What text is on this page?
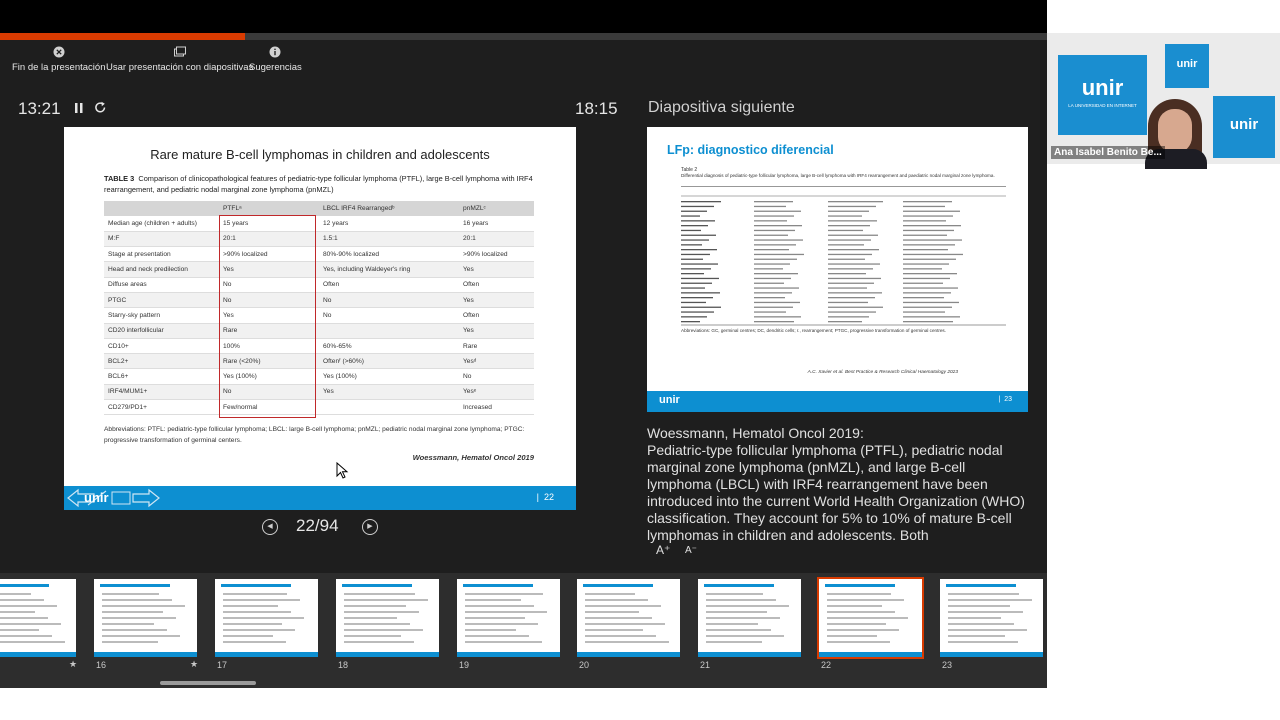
Fin de la presentación Usar presentación con diapositivas
Sugerencias
13:21	18:15 Diapositiva siguiente
Rare mature B-cell lymphomas in children and adolescents
TABLE 3 Comparison of clinicopathological features of pediatric-type follicular lymphoma (PTFL), large B-cell lymphoma with IRF4 rearrangement, and pediatric nodal marginal zone lymphoma (pnMZL)
	PTFLᵃ	LBCL IRF4 Rearrangedᵇ	pnMZLᶜ
Median age (children + adults)	15 years	12 years	16 years
M:F	20:1	1.5:1	20:1
Stage at presentation	>90% localized	80%-90% localized	>90% localized
Head and neck predilection	Yes	Yes, including Waldeyer's ring	Yes
Diffuse areas	No	Often	Often
PTGC	No	No	Yes
Starry-sky pattern	Yes	No	Often
CD20 interfollicular	Rare		Yes
CD10+	100%	60%-65%	Rare
BCL2+	Rare (<20%)	Oftenᶠ (>60%)	Yesᵈ
BCL6+	Yes (100%)	Yes (100%)	No
IRF4/MUM1+	No	Yes	Yesᵉ
CD279/PD1+	Few/normal		Increased
Abbreviations: PTFL: pediatric-type follicular lymphoma; LBCL: large B-cell lymphoma; pnMZL; pediatric nodal marginal zone lymphoma; PTGC: progressive transformation of germinal centers.
Woessmann, Hematol Oncol 2019
unir	|  22
◀	22/94	▶
LFp: diagnostico diferencial
Table 2
Differential diagnosis of pediatric-type follicular lymphoma, large B-cell lymphoma with IRF4 rearrangement and paediatric nodal marginal zone lymphoma.
Abbreviations: GC, germinal centres; DC, dendritic cells; r., rearrangement; PTGC, progressive transformation of germinal centres.
A.C. Xavier et al. Best Practice & Research Clinical Haematology 2023
unir	|  23
Woessmann, Hematol Oncol 2019:
Pediatric-type follicular lymphoma (PTFL), pediatric nodal marginal zone lymphoma (pnMZL), and large B-cell lymphoma (LBCL) with IRF4 rearrangement have been introduced into the current World Health Organization (WHO) classification. They account for 5% to 10% of mature B-cell lymphomas in children and adolescents. Both
A⁺ A⁻
★ 16	★ 17	18	19	20	21	22	23
unir
LA UNIVERSIDAD EN INTERNET
unir
unir
Ana Isabel Benito Be...
